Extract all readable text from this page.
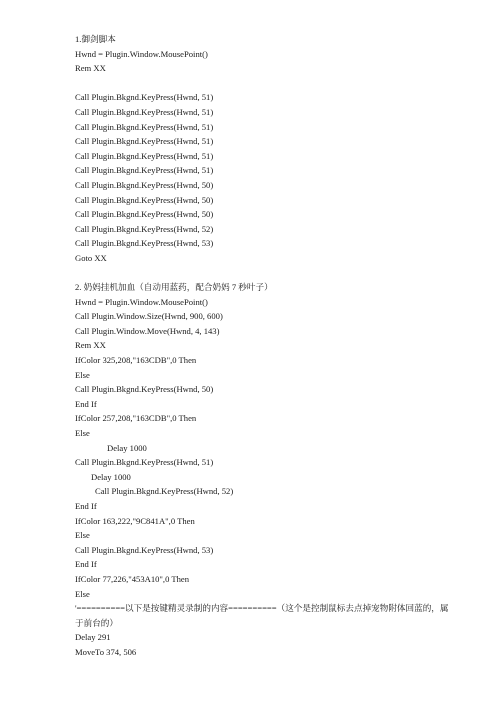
1.御剑脚本
Hwnd = Plugin.Window.MousePoint()
Rem XX
Call Plugin.Bkgnd.KeyPress(Hwnd, 51)
Call Plugin.Bkgnd.KeyPress(Hwnd, 51)
Call Plugin.Bkgnd.KeyPress(Hwnd, 51)
Call Plugin.Bkgnd.KeyPress(Hwnd, 51)
Call Plugin.Bkgnd.KeyPress(Hwnd, 51)
Call Plugin.Bkgnd.KeyPress(Hwnd, 51)
Call Plugin.Bkgnd.KeyPress(Hwnd, 50)
Call Plugin.Bkgnd.KeyPress(Hwnd, 50)
Call Plugin.Bkgnd.KeyPress(Hwnd, 50)
Call Plugin.Bkgnd.KeyPress(Hwnd, 52)
Call Plugin.Bkgnd.KeyPress(Hwnd, 53)
Goto XX
2. 奶妈挂机加血（自动用蓝药，配合奶妈 7 秒叶子）
Hwnd = Plugin.Window.MousePoint()
Call Plugin.Window.Size(Hwnd, 900, 600)
Call Plugin.Window.Move(Hwnd, 4, 143)
Rem XX
IfColor 325,208,"163CDB",0 Then
Else
Call Plugin.Bkgnd.KeyPress(Hwnd, 50)
End If
IfColor 257,208,"163CDB",0 Then
Else
Delay 1000
Call Plugin.Bkgnd.KeyPress(Hwnd, 51)
Delay 1000
Call Plugin.Bkgnd.KeyPress(Hwnd, 52)
End If
IfColor 163,222,"9C841A",0 Then
Else
Call Plugin.Bkgnd.KeyPress(Hwnd, 53)
End If
IfColor 77,226,"453A10",0 Then
Else
'==========以下是按键精灵录制的内容==========（这个是控制鼠标去点掉宠物附体回蓝的，属于前台的）
Delay 291
MoveTo 374, 506
